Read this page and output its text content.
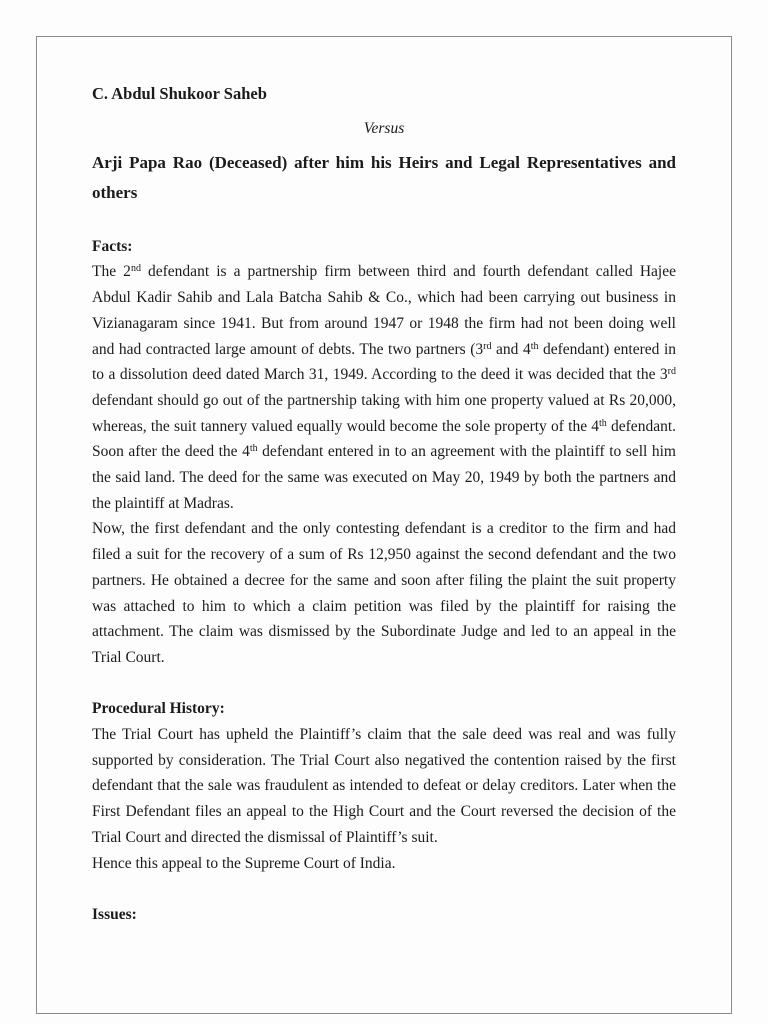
C. Abdul Shukoor Saheb
Versus
Arji Papa Rao (Deceased) after him his Heirs and Legal Representatives and others
Facts:

The 2nd defendant is a partnership firm between third and fourth defendant called Hajee Abdul Kadir Sahib and Lala Batcha Sahib & Co., which had been carrying out business in Vizianagaram since 1941. But from around 1947 or 1948 the firm had not been doing well and had contracted large amount of debts. The two partners (3rd and 4th defendant) entered in to a dissolution deed dated March 31, 1949. According to the deed it was decided that the 3rd defendant should go out of the partnership taking with him one property valued at Rs 20,000, whereas, the suit tannery valued equally would become the sole property of the 4th defendant. Soon after the deed the 4th defendant entered in to an agreement with the plaintiff to sell him the said land. The deed for the same was executed on May 20, 1949 by both the partners and the plaintiff at Madras.

Now, the first defendant and the only contesting defendant is a creditor to the firm and had filed a suit for the recovery of a sum of Rs 12,950 against the second defendant and the two partners. He obtained a decree for the same and soon after filing the plaint the suit property was attached to him to which a claim petition was filed by the plaintiff for raising the attachment. The claim was dismissed by the Subordinate Judge and led to an appeal in the Trial Court.

Procedural History:

The Trial Court has upheld the Plaintiff’s claim that the sale deed was real and was fully supported by consideration. The Trial Court also negatived the contention raised by the first defendant that the sale was fraudulent as intended to defeat or delay creditors. Later when the First Defendant files an appeal to the High Court and the Court reversed the decision of the Trial Court and directed the dismissal of Plaintiff’s suit.

Hence this appeal to the Supreme Court of India.

Issues:
